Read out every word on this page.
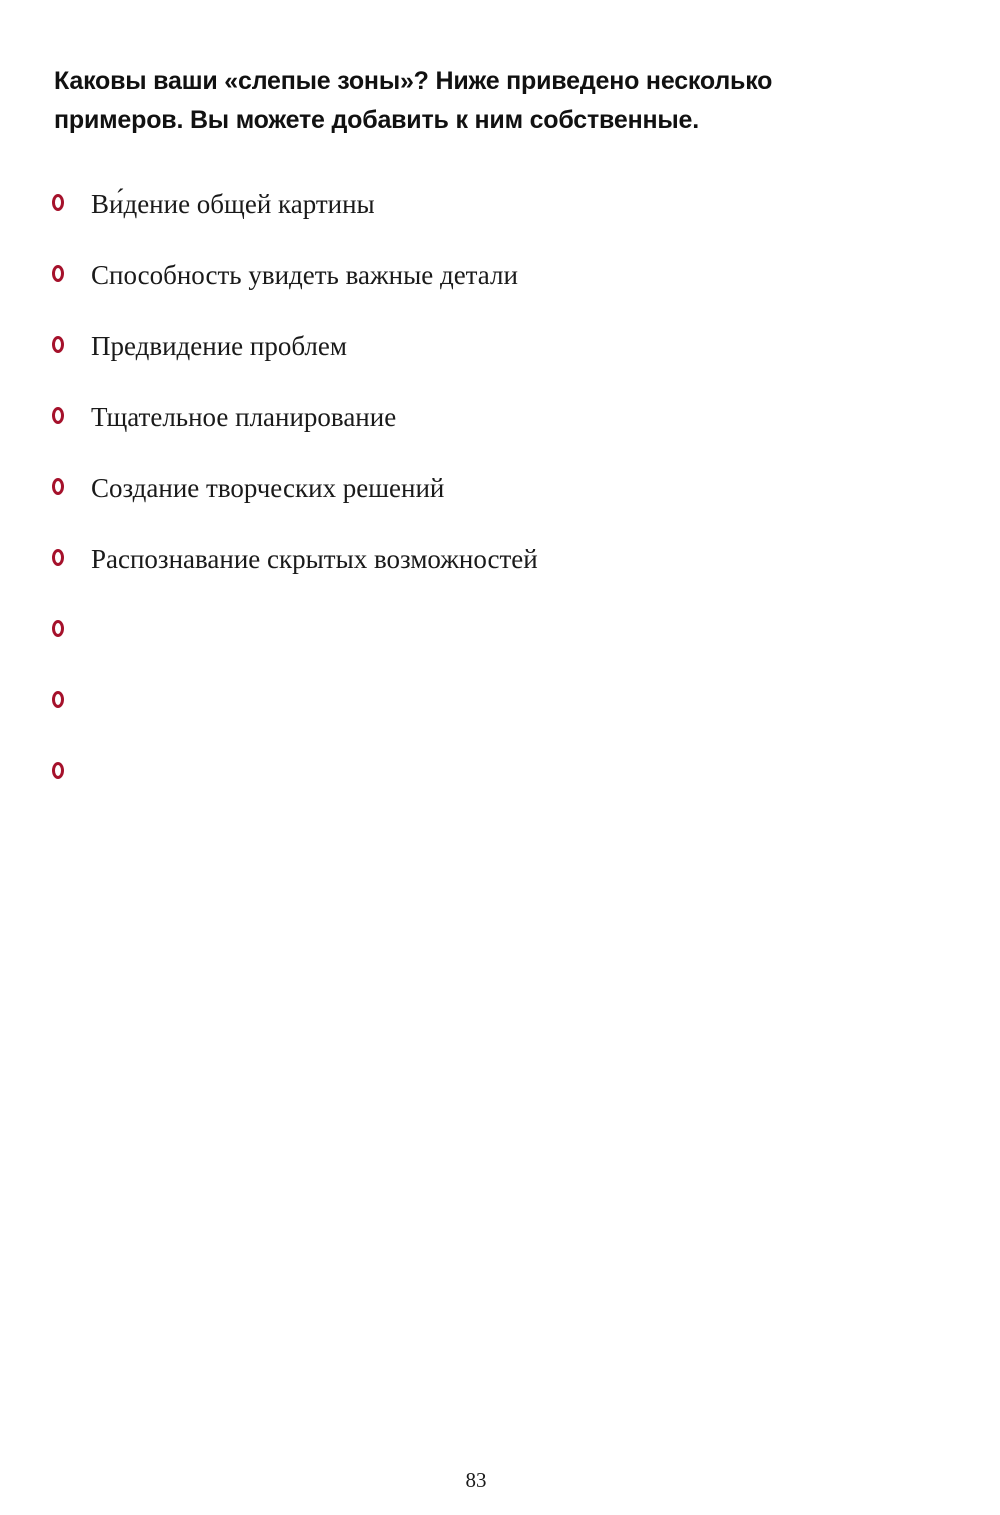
Каковы ваши «слепые зоны»? Ниже приведено несколько
примеров. Вы можете добавить к ним собственные.
Ви́дение общей картины
Способность увидеть важные детали
Предвидение проблем
Тщательное планирование
Создание творческих решений
Распознавание скрытых возможностей
83
